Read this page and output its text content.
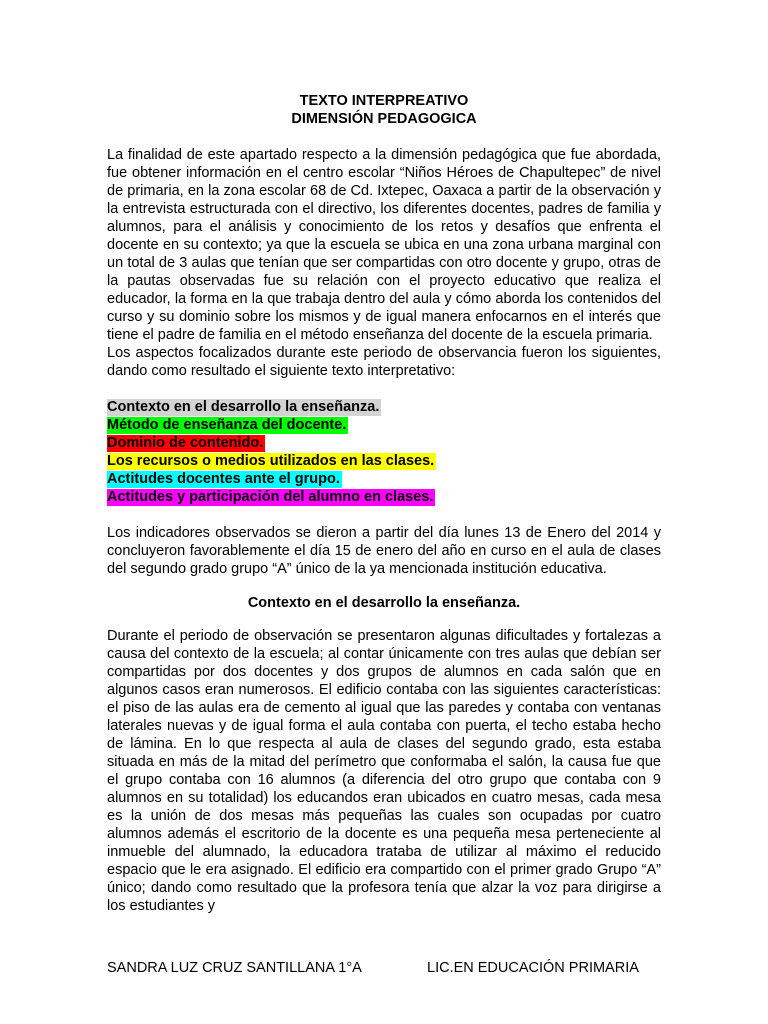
TEXTO INTERPREATIVO
DIMENSIÓN PEDAGOGICA

La finalidad de este apartado respecto a la dimensión pedagógica que fue abordada, fue obtener información en el centro escolar “Niños Héroes de Chapultepec” de nivel de primaria, en la zona escolar 68 de Cd. Ixtepec, Oaxaca a partir de la observación y la entrevista estructurada con el directivo, los diferentes docentes, padres de familia y alumnos, para el análisis y conocimiento de los retos y desafíos que enfrenta el docente en su contexto; ya que la escuela se ubica en una zona urbana marginal con un total de 3 aulas que tenían que ser compartidas con otro docente y grupo, otras de la pautas observadas fue su relación con el proyecto educativo que realiza el educador, la forma en la que trabaja dentro del aula y cómo aborda los contenidos del curso y su dominio sobre los mismos y de igual manera enfocarnos en el interés que tiene el padre de familia en el método enseñanza del docente de la escuela primaria.

Los aspectos focalizados durante este periodo de observancia fueron los siguientes, dando como resultado el siguiente texto interpretativo:

Contexto en el desarrollo la enseñanza.
Método de enseñanza del docente.
Dominio de contenido.
Los recursos o medios utilizados en las clases.
Actitudes docentes ante el grupo.
Actitudes y participación del alumno en clases.

Los indicadores observados se dieron a partir del día lunes 13 de Enero del 2014 y concluyeron favorablemente el día 15 de enero del año en curso en el aula de clases del segundo grado grupo “A” único de la ya mencionada institución educativa.

Contexto en el desarrollo la enseñanza.

Durante el periodo de observación se presentaron algunas dificultades y fortalezas a causa del contexto de la escuela; al contar únicamente con tres aulas que debían ser compartidas por dos docentes y dos grupos de alumnos en cada salón que en algunos casos eran numerosos. El edificio contaba con las siguientes características: el piso de las aulas era de cemento al igual que las paredes y contaba con ventanas laterales nuevas y de igual forma el aula contaba con puerta, el techo estaba hecho de lámina. En lo que respecta al aula de clases del segundo grado, esta estaba situada en más de la mitad del perímetro que conformaba el salón, la causa fue que el grupo contaba con 16 alumnos (a diferencia del otro grupo que contaba con 9 alumnos en su totalidad) los educandos eran ubicados en cuatro mesas, cada mesa es la unión de dos mesas más pequeñas las cuales son ocupadas por cuatro alumnos además el escritorio de la docente es una pequeña mesa perteneciente al inmueble del alumnado, la educadora trataba de utilizar al máximo el reducido espacio que le era asignado. El edificio era compartido con el primer grado Grupo “A” único; dando como resultado que la profesora tenía que alzar la voz para dirigirse a los estudiantes y

SANDRA LUZ CRUZ SANTILLANA 1°A	LIC.EN EDUCACIÓN PRIMARIA
